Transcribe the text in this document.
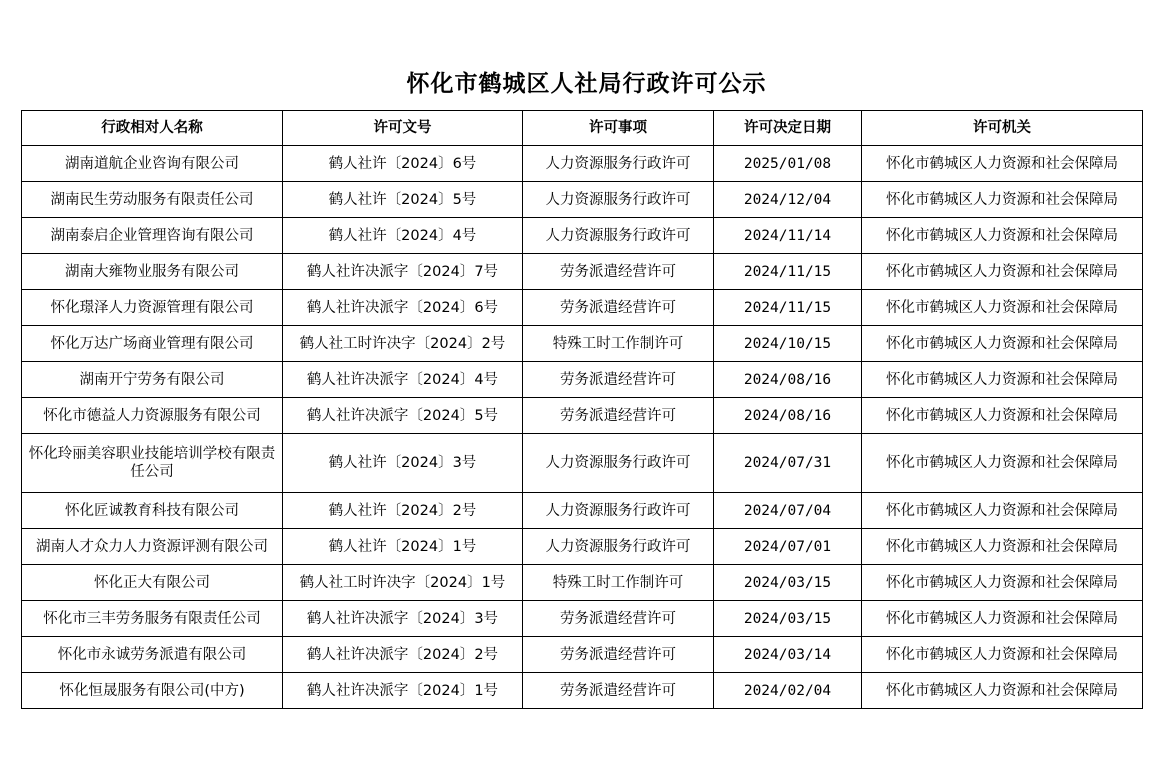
怀化市鹤城区人社局行政许可公示
行政相对人名称	许可文号	许可事项	许可决定日期	许可机关
湖南道航企业咨询有限公司	鹤人社许〔2024〕6号	人力资源服务行政许可	2025/01/08	怀化市鹤城区人力资源和社会保障局
湖南民生劳动服务有限责任公司	鹤人社许〔2024〕5号	人力资源服务行政许可	2024/12/04	怀化市鹤城区人力资源和社会保障局
湖南泰启企业管理咨询有限公司	鹤人社许〔2024〕4号	人力资源服务行政许可	2024/11/14	怀化市鹤城区人力资源和社会保障局
湖南大雍物业服务有限公司	鹤人社许决派字〔2024〕7号	劳务派遣经营许可	2024/11/15	怀化市鹤城区人力资源和社会保障局
怀化璟泽人力资源管理有限公司	鹤人社许决派字〔2024〕6号	劳务派遣经营许可	2024/11/15	怀化市鹤城区人力资源和社会保障局
怀化万达广场商业管理有限公司	鹤人社工时许决字〔2024〕2号	特殊工时工作制许可	2024/10/15	怀化市鹤城区人力资源和社会保障局
湖南开宁劳务有限公司	鹤人社许决派字〔2024〕4号	劳务派遣经营许可	2024/08/16	怀化市鹤城区人力资源和社会保障局
怀化市德益人力资源服务有限公司	鹤人社许决派字〔2024〕5号	劳务派遣经营许可	2024/08/16	怀化市鹤城区人力资源和社会保障局
怀化玲丽美容职业技能培训学校有限责任公司	鹤人社许〔2024〕3号	人力资源服务行政许可	2024/07/31	怀化市鹤城区人力资源和社会保障局
怀化匠诚教育科技有限公司	鹤人社许〔2024〕2号	人力资源服务行政许可	2024/07/04	怀化市鹤城区人力资源和社会保障局
湖南人才众力人力资源评测有限公司	鹤人社许〔2024〕1号	人力资源服务行政许可	2024/07/01	怀化市鹤城区人力资源和社会保障局
怀化正大有限公司	鹤人社工时许决字〔2024〕1号	特殊工时工作制许可	2024/03/15	怀化市鹤城区人力资源和社会保障局
怀化市三丰劳务服务有限责任公司	鹤人社许决派字〔2024〕3号	劳务派遣经营许可	2024/03/15	怀化市鹤城区人力资源和社会保障局
怀化市永诚劳务派遣有限公司	鹤人社许决派字〔2024〕2号	劳务派遣经营许可	2024/03/14	怀化市鹤城区人力资源和社会保障局
怀化恒晟服务有限公司(中方)	鹤人社许决派字〔2024〕1号	劳务派遣经营许可	2024/02/04	怀化市鹤城区人力资源和社会保障局
